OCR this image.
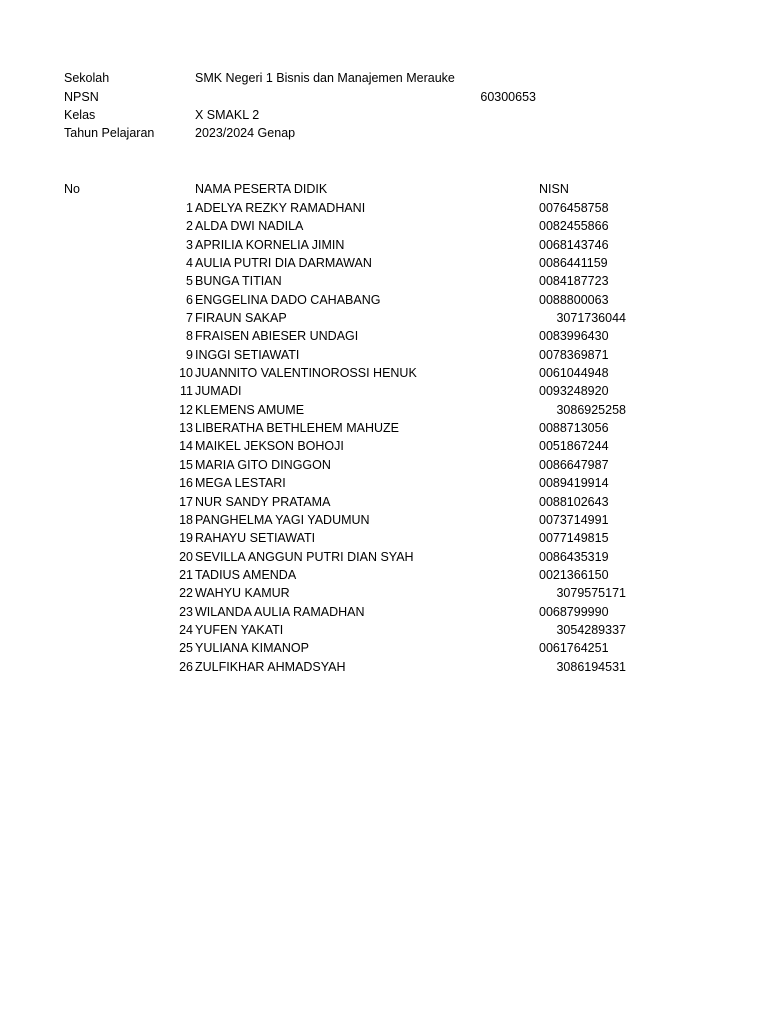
Sekolah	SMK Negeri 1 Bisnis dan Manajemen Merauke
NPSN	60300653
Kelas	X SMAKL 2
Tahun Pelajaran	2023/2024 Genap
No	NAMA PESERTA DIDIK	NISN
1 ADELYA REZKY RAMADHANI	0076458758
2 ALDA DWI NADILA	0082455866
3 APRILIA KORNELIA JIMIN	0068143746
4 AULIA PUTRI DIA DARMAWAN	0086441159
5 BUNGA TITIAN	0084187723
6 ENGGELINA DADO CAHABANG	0088800063
7 FIRAUN SAKAP	3071736044
8 FRAISEN ABIESER UNDAGI	0083996430
9 INGGI SETIAWATI	0078369871
10 JUANNITO VALENTINOROSSI HENUK	0061044948
11 JUMADI	0093248920
12 KLEMENS AMUME	3086925258
13 LIBERATHA BETHLEHEM MAHUZE	0088713056
14 MAIKEL JEKSON BOHOJI	0051867244
15 MARIA GITO DINGGON	0086647987
16 MEGA LESTARI	0089419914
17 NUR SANDY PRATAMA	0088102643
18 PANGHELMA YAGI YADUMUN	0073714991
19 RAHAYU SETIAWATI	0077149815
20 SEVILLA ANGGUN PUTRI DIAN SYAH	0086435319
21 TADIUS AMENDA	0021366150
22 WAHYU KAMUR	3079575171
23 WILANDA AULIA RAMADHAN	0068799990
24 YUFEN YAKATI	3054289337
25 YULIANA KIMANOP	0061764251
26 ZULFIKHAR AHMADSYAH	3086194531
